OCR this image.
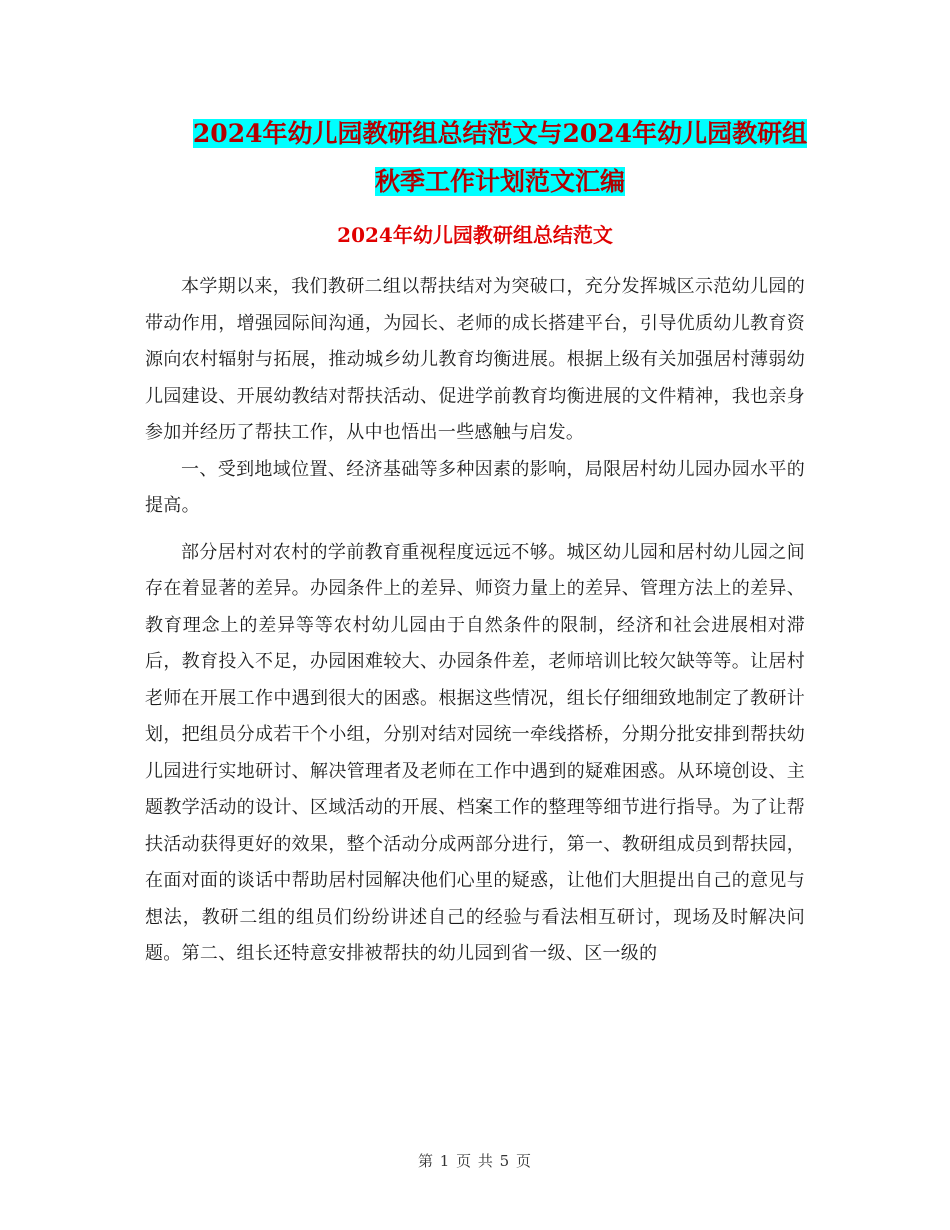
2024年幼儿园教研组总结范文与2024年幼儿园教研组
秋季工作计划范文汇编
2024年幼儿园教研组总结范文

本学期以来，我们教研二组以帮扶结对为突破口，充分发挥城区示范幼儿园的带动作用，增强园际间沟通，为园长、老师的成长搭建平台，引导优质幼儿教育资源向农村辐射与拓展，推动城乡幼儿教育均衡进展。根据上级有关加强居村薄弱幼儿园建设、开展幼教结对帮扶活动、促进学前教育均衡进展的文件精神，我也亲身参加并经历了帮扶工作，从中也悟出一些感触与启发。

一、受到地域位置、经济基础等多种因素的影响，局限居村幼儿园办园水平的提高。

部分居村对农村的学前教育重视程度远远不够。城区幼儿园和居村幼儿园之间存在着显著的差异。办园条件上的差异、师资力量上的差异、管理方法上的差异、教育理念上的差异等等农村幼儿园由于自然条件的限制，经济和社会进展相对滞后，教育投入不足，办园困难较大、办园条件差，老师培训比较欠缺等等。让居村老师在开展工作中遇到很大的困惑。根据这些情况，组长仔细细致地制定了教研计划，把组员分成若干个小组，分别对结对园统一牵线搭桥，分期分批安排到帮扶幼儿园进行实地研讨、解决管理者及老师在工作中遇到的疑难困惑。从环境创设、主题教学活动的设计、区域活动的开展、档案工作的整理等细节进行指导。为了让帮扶活动获得更好的效果，整个活动分成两部分进行，第一、教研组成员到帮扶园，在面对面的谈话中帮助居村园解决他们心里的疑惑，让他们大胆提出自己的意见与想法，教研二组的组员们纷纷讲述自己的经验与看法相互研讨，现场及时解决问题。第二、组长还特意安排被帮扶的幼儿园到省一级、区一级的

第 1 页 共 5 页
